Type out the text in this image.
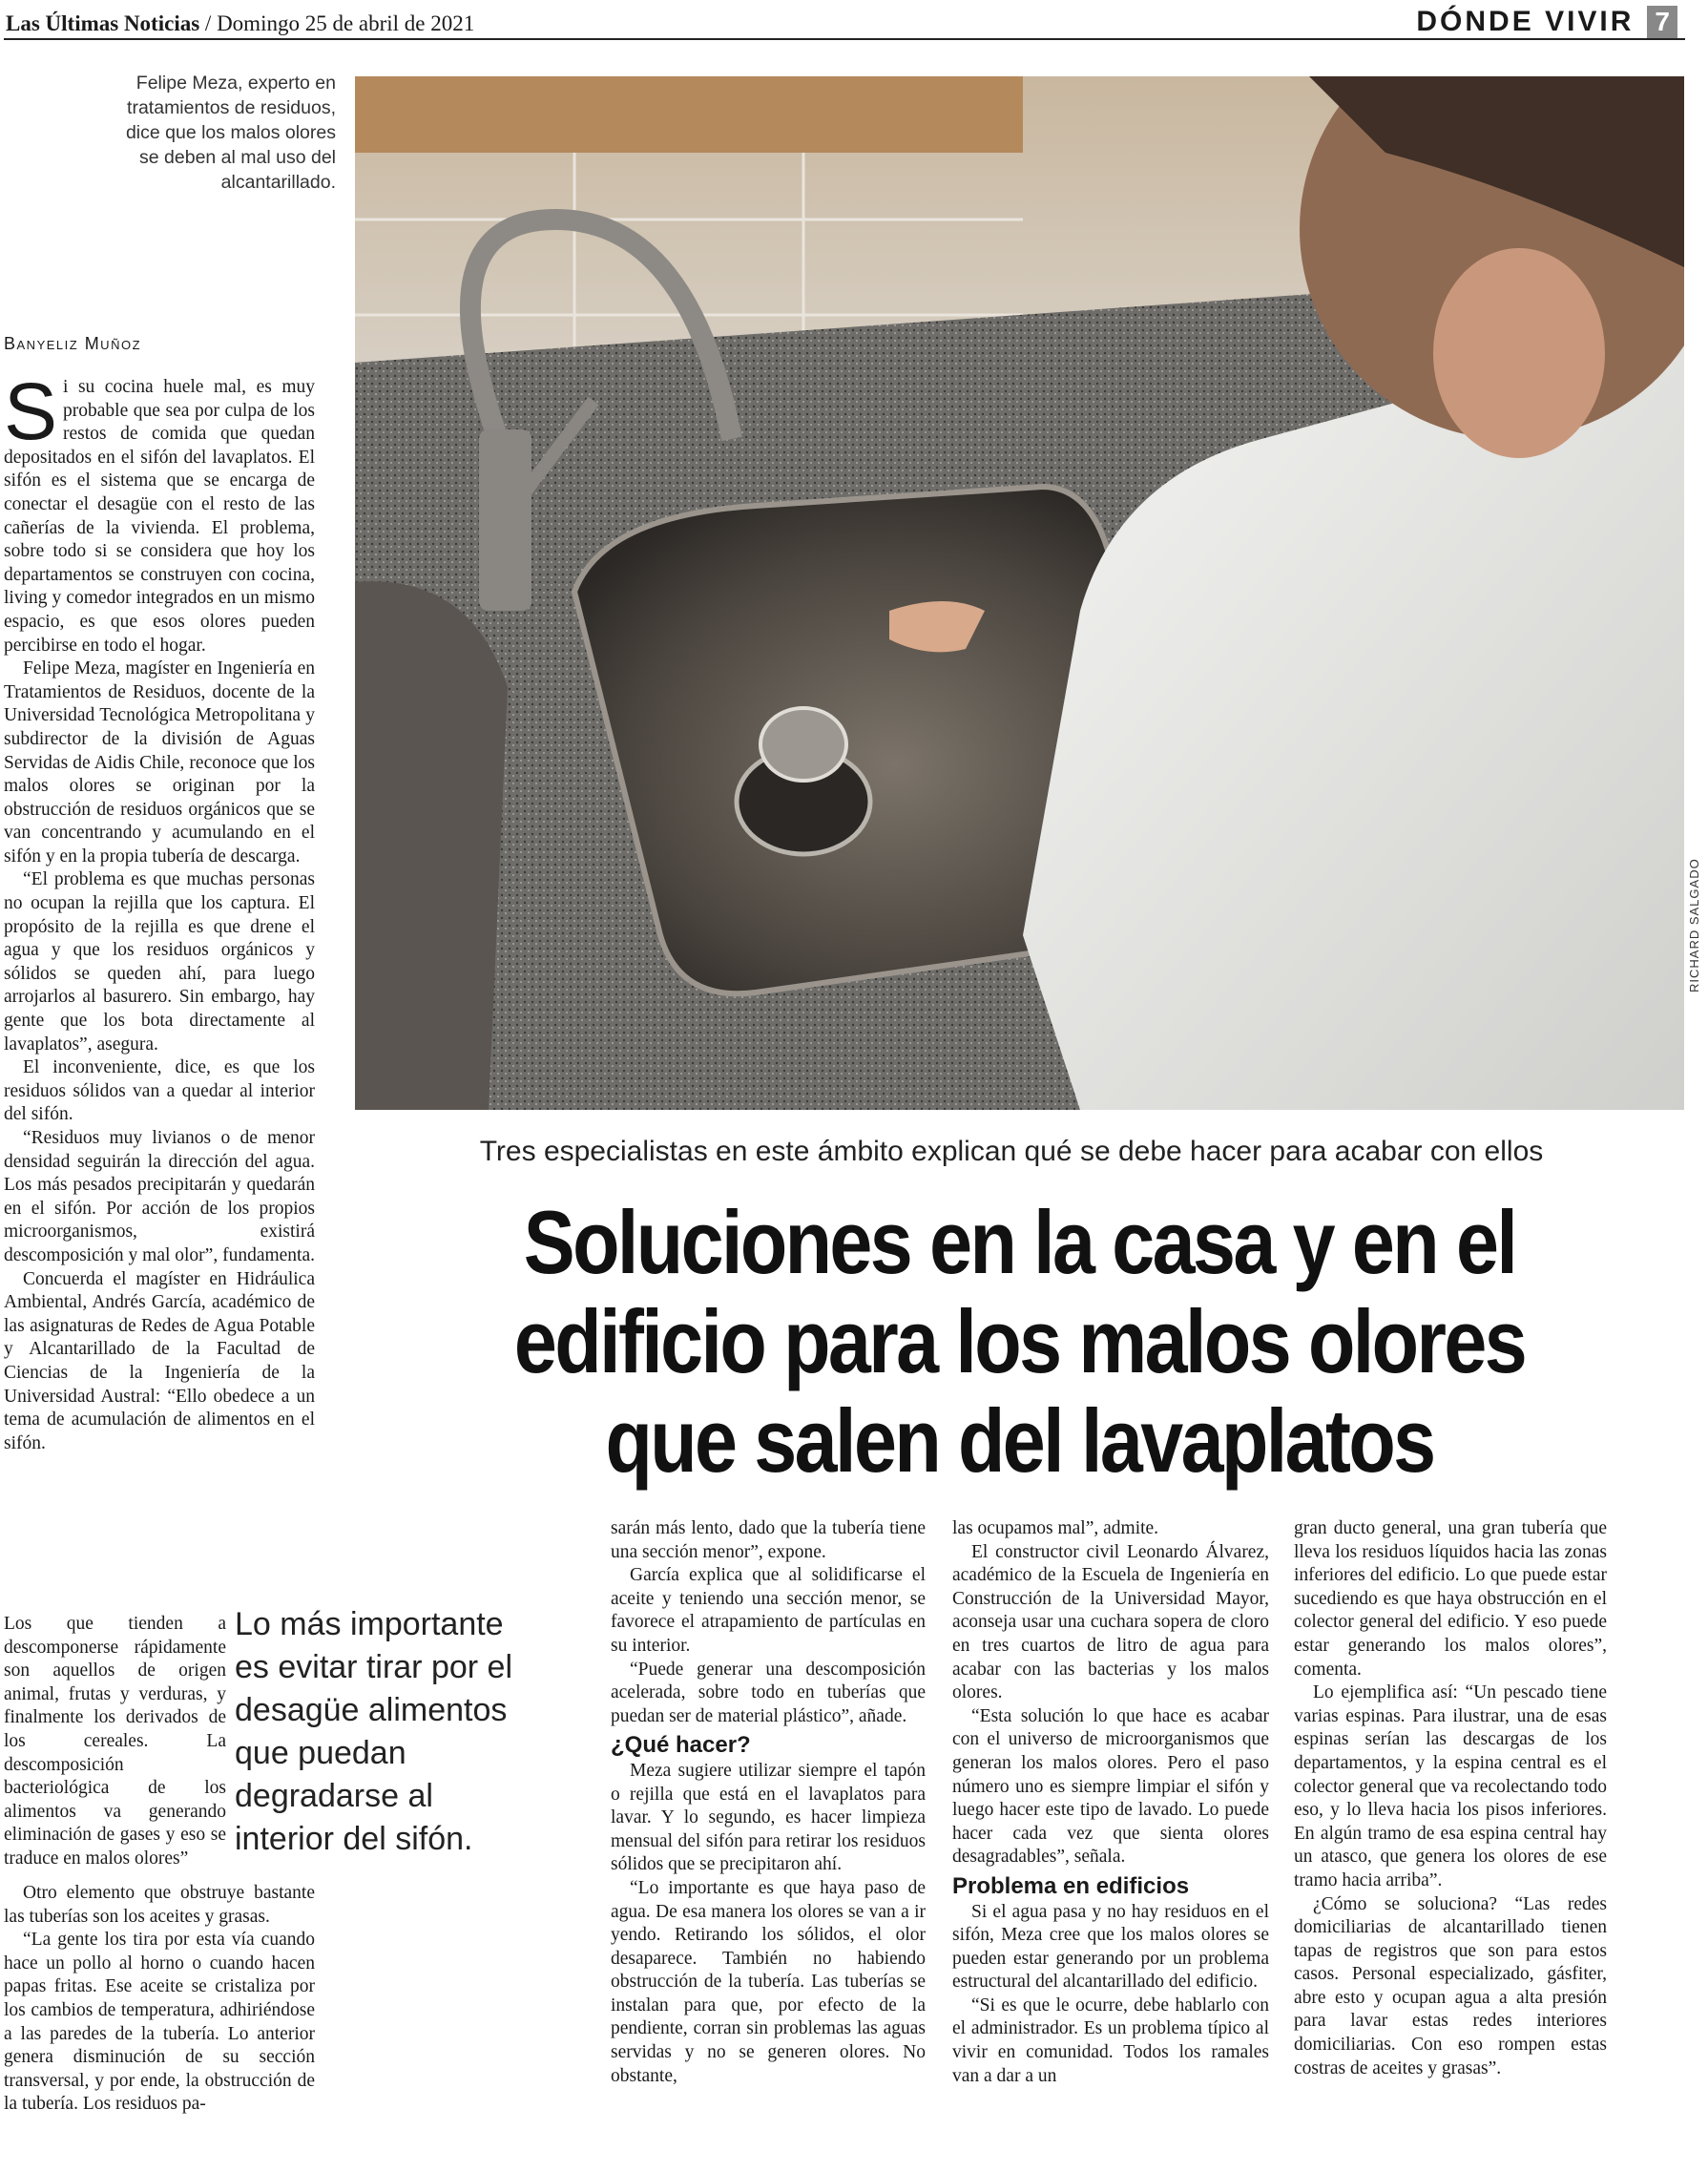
Las Últimas Noticias / Domingo 25 de abril de 2021	DÓNDE VIVIR 7
Felipe Meza, experto en tratamientos de residuos, dice que los malos olores se deben al mal uso del alcantarillado.
RICHARD SALGADO
Banyeliz Muñoz

Si su cocina huele mal, es muy probable que sea por culpa de los restos de comida que quedan depositados en el sifón del lavaplatos. El sifón es el sistema que se encarga de conectar el desagüe con el resto de las cañerías de la vivienda. El problema, sobre todo si se considera que hoy los departamentos se construyen con cocina, living y comedor integrados en un mismo espacio, es que esos olores pueden percibirse en todo el hogar.

Felipe Meza, magíster en Ingeniería en Tratamientos de Residuos, docente de la Universidad Tecnológica Metropolitana y subdirector de la división de Aguas Servidas de Aidis Chile, reconoce que los malos olores se originan por la obstrucción de residuos orgánicos que se van concentrando y acumulando en el sifón y en la propia tubería de descarga.

“El problema es que muchas personas no ocupan la rejilla que los captura. El propósito de la rejilla es que drene el agua y que los residuos orgánicos y sólidos se queden ahí, para luego arrojarlos al basurero. Sin embargo, hay gente que los bota directamente al lavaplatos”, asegura.

El inconveniente, dice, es que los residuos sólidos van a quedar al interior del sifón.

“Residuos muy livianos o de menor densidad seguirán la dirección del agua. Los más pesados precipitarán y quedarán en el sifón. Por acción de los propios microorganismos, existirá descomposición y mal olor”, fundamenta.

Concuerda el magíster en Hidráulica Ambiental, Andrés García, académico de las asignaturas de Redes de Agua Potable y Alcantarillado de la Facultad de Ciencias de la Ingeniería de la Universidad Austral: “Ello obedece a un tema de acumulación de alimentos en el sifón.

Los que tienden a descomponerse rápidamente son aquellos de origen animal, frutas y verduras, y finalmente los derivados de los cereales. La descomposición bacteriológica de los alimentos va generando eliminación de gases y eso se traduce en malos olores”

Otro elemento que obstruye bastante las tuberías son los aceites y grasas.

“La gente los tira por esta vía cuando hace un pollo al horno o cuando hacen papas fritas. Ese aceite se cristaliza por los cambios de temperatura, adhiriéndose a las paredes de la tubería. Lo anterior genera disminución de su sección transversal, y por ende, la obstrucción de la tubería. Los residuos pa-

Lo más importante es evitar tirar por el desagüe alimentos que puedan degradarse al interior del sifón.
Tres especialistas en este ámbito explican qué se debe hacer para acabar con ellos
Soluciones en la casa y en el edificio para los malos olores que salen del lavaplatos

sarán más lento, dado que la tubería tiene una sección menor”, expone.

García explica que al solidificarse el aceite y teniendo una sección menor, se favorece el atrapamiento de partículas en su interior.

“Puede generar una descomposición acelerada, sobre todo en tuberías que puedan ser de material plástico”, añade.

¿Qué hacer?

Meza sugiere utilizar siempre el tapón o rejilla que está en el lavaplatos para lavar. Y lo segundo, es hacer limpieza mensual del sifón para retirar los residuos sólidos que se precipitaron ahí.

“Lo importante es que haya paso de agua. De esa manera los olores se van a ir yendo. Retirando los sólidos, el olor desaparece. También no habiendo obstrucción de la tubería. Las tuberías se instalan para que, por efecto de la pendiente, corran sin problemas las aguas servidas y no se generen olores. No obstante,

las ocupamos mal”, admite.

El constructor civil Leonardo Álvarez, académico de la Escuela de Ingeniería en Construcción de la Universidad Mayor, aconseja usar una cuchara sopera de cloro en tres cuartos de litro de agua para acabar con las bacterias y los malos olores.

“Esta solución lo que hace es acabar con el universo de microorganismos que generan los malos olores. Pero el paso número uno es siempre limpiar el sifón y luego hacer este tipo de lavado. Lo puede hacer cada vez que sienta olores desagradables”, señala.

Problema en edificios

Si el agua pasa y no hay residuos en el sifón, Meza cree que los malos olores se pueden estar generando por un problema estructural del alcantarillado del edificio.

“Si es que le ocurre, debe hablarlo con el administrador. Es un problema típico al vivir en comunidad. Todos los ramales van a dar a un

gran ducto general, una gran tubería que lleva los residuos líquidos hacia las zonas inferiores del edificio. Lo que puede estar sucediendo es que haya obstrucción en el colector general del edificio. Y eso puede estar generando los malos olores”, comenta.

Lo ejemplifica así: “Un pescado tiene varias espinas. Para ilustrar, una de esas espinas serían las descargas de los departamentos, y la espina central es el colector general que va recolectando todo eso, y lo lleva hacia los pisos inferiores. En algún tramo de esa espina central hay un atasco, que genera los olores de ese tramo hacia arriba”.

¿Cómo se soluciona? “Las redes domiciliarias de alcantarillado tienen tapas de registros que son para estos casos. Personal especializado, gásfiter, abre esto y ocupan agua a alta presión para lavar estas redes interiores domiciliarias. Con eso rompen estas costras de aceites y grasas”.
